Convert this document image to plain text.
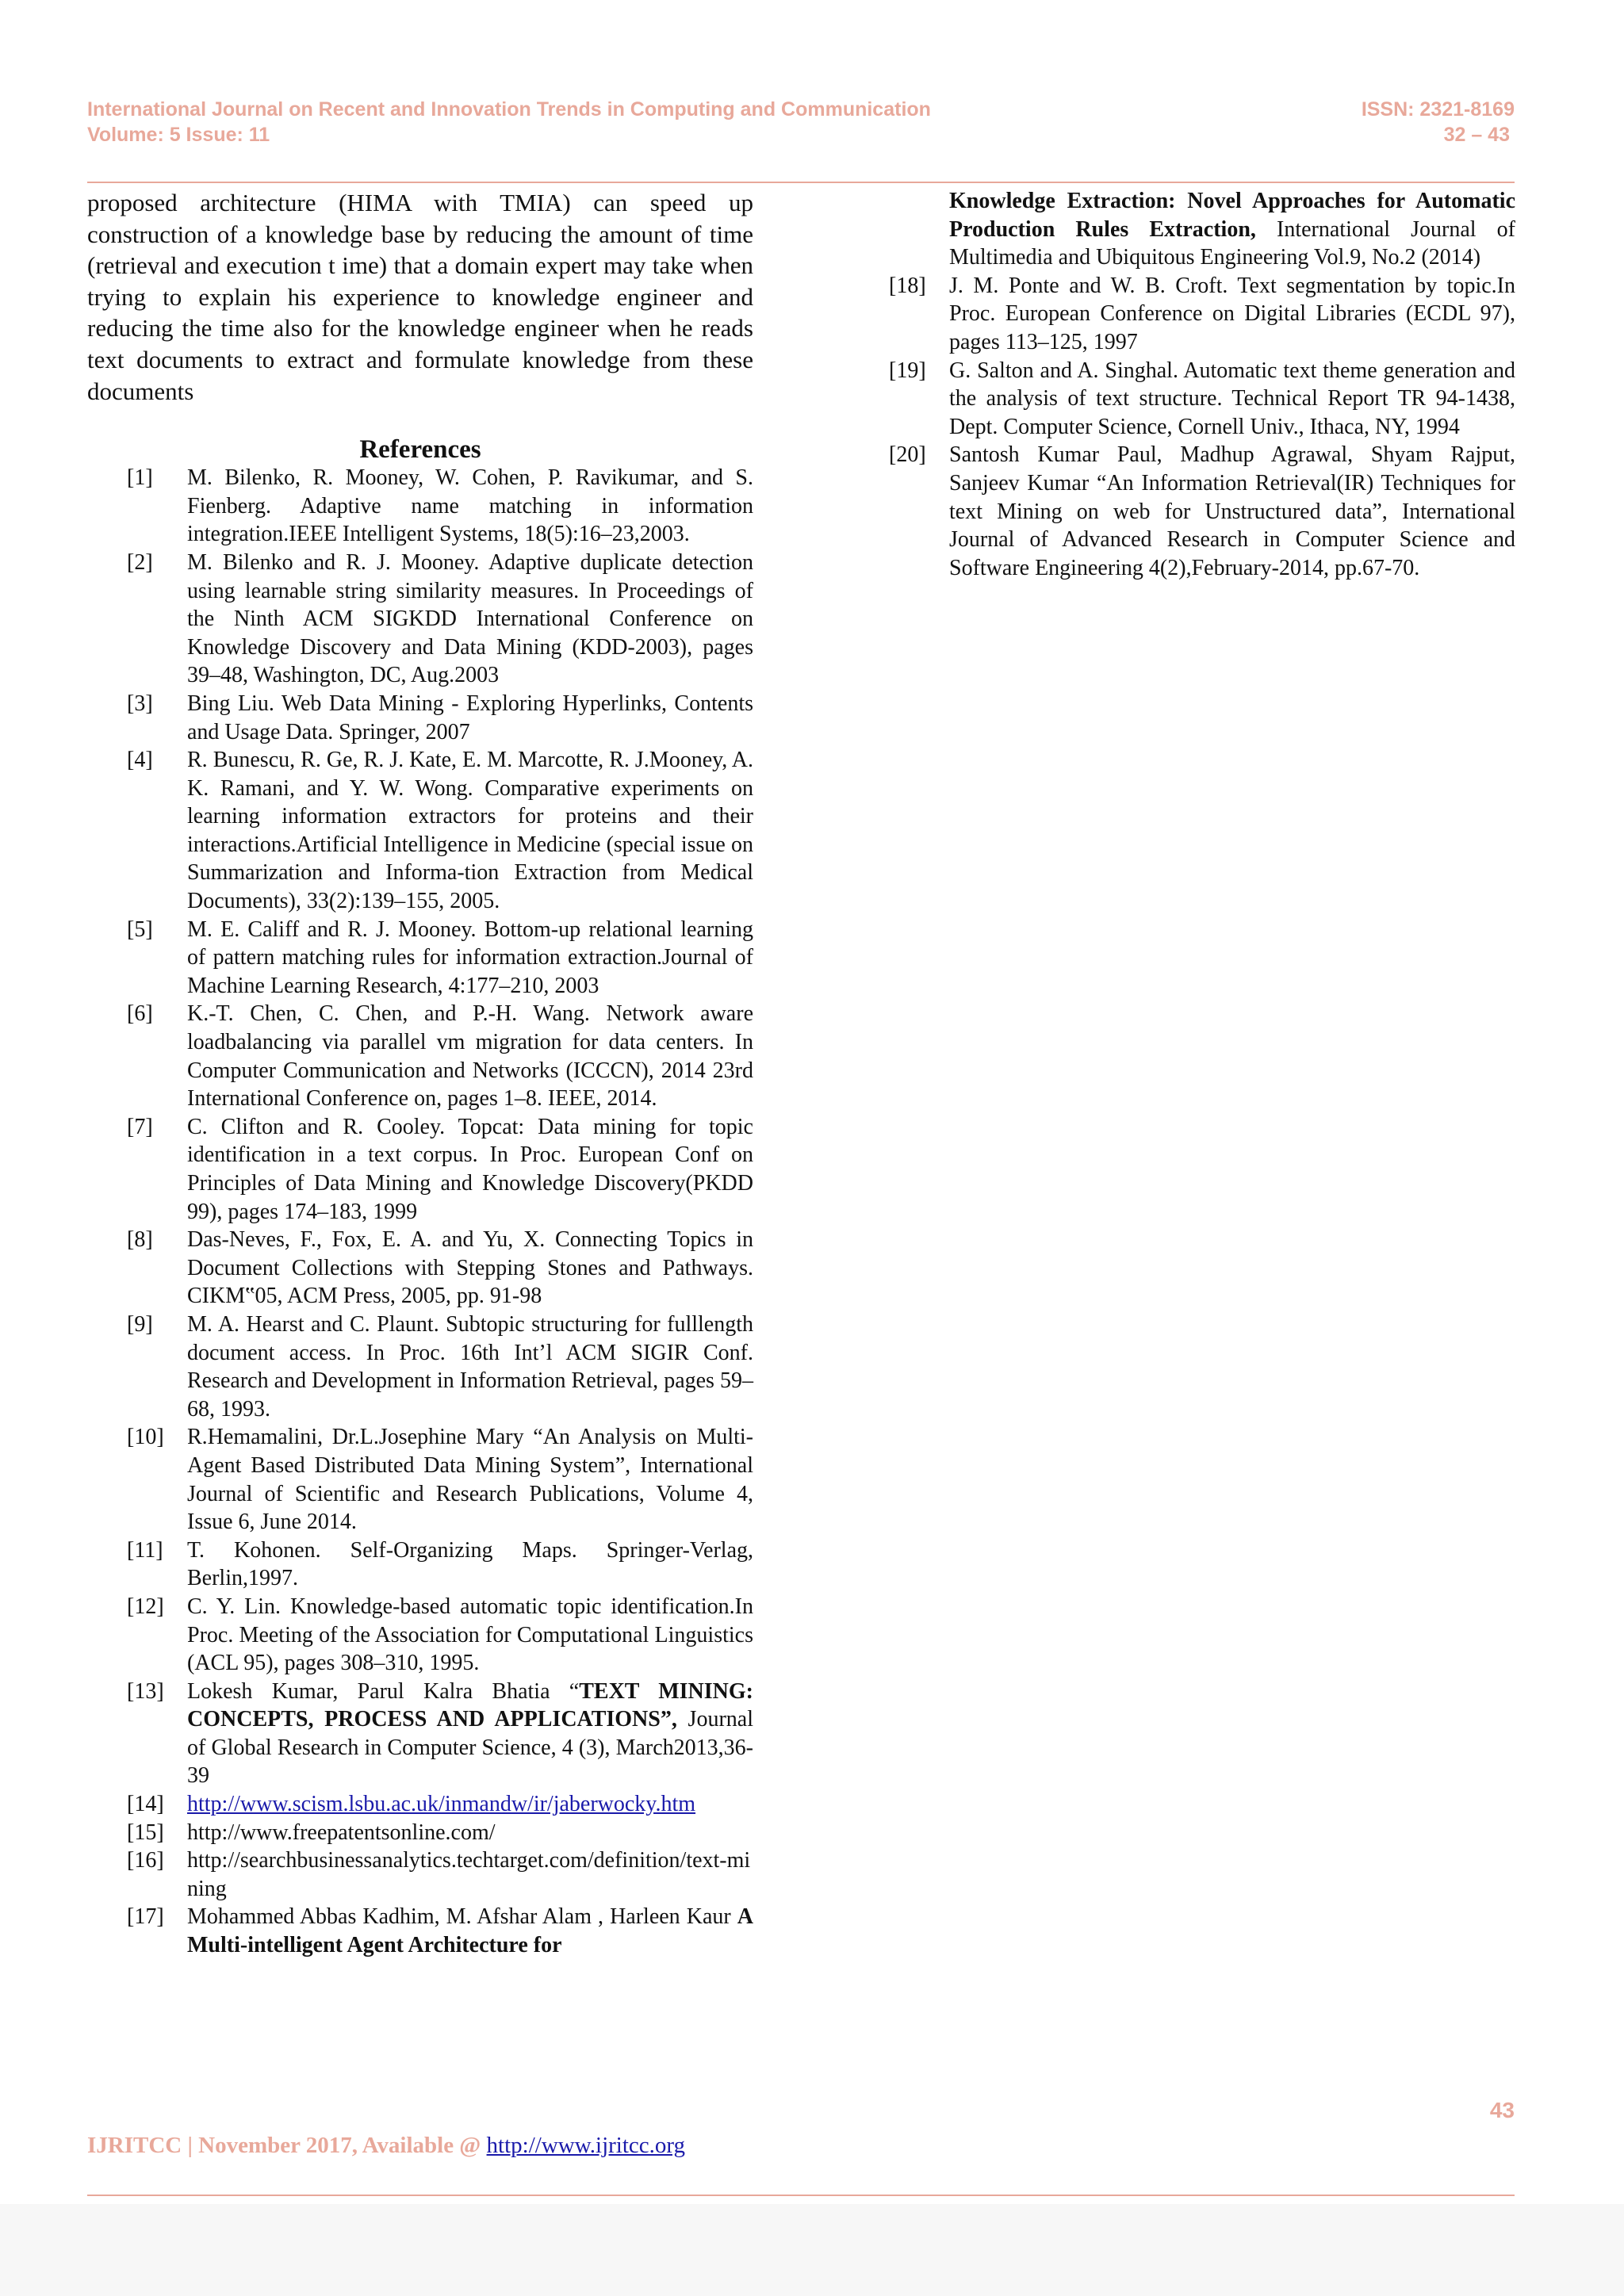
International Journal on Recent and Innovation Trends in Computing and Communication	ISSN: 2321-8169
Volume: 5 Issue: 11	32 – 43

proposed architecture (HIMA with TMIA) can speed up construction of a knowledge base by reducing the amount of time (retrieval and execution t ime) that a domain expert may take when trying to explain his experience to knowledge engineer and reducing the time also for the knowledge engineer when he reads text documents to extract and formulate knowledge from these documents

References

[1] M. Bilenko, R. Mooney, W. Cohen, P. Ravikumar, and S. Fienberg. Adaptive name matching in information integration.IEEE Intelligent Systems, 18(5):16–23,2003.
[2] M. Bilenko and R. J. Mooney. Adaptive duplicate detection using learnable string similarity measures. In Proceedings of the Ninth ACM SIGKDD International Conference on Knowledge Discovery and Data Mining (KDD-2003), pages 39–48, Washington, DC, Aug.2003
[3] Bing Liu. Web Data Mining - Exploring Hyperlinks, Contents and Usage Data. Springer, 2007
[4] R. Bunescu, R. Ge, R. J. Kate, E. M. Marcotte, R. J.Mooney, A. K. Ramani, and Y. W. Wong. Comparative experiments on learning information extractors for proteins and their interactions.Artificial Intelligence in Medicine (special issue on Summarization and Informa-tion Extraction from Medical Documents), 33(2):139–155, 2005.
[5] M. E. Califf and R. J. Mooney. Bottom-up relational learning of pattern matching rules for information extraction.Journal of Machine Learning Research, 4:177–210, 2003
[6] K.-T. Chen, C. Chen, and P.-H. Wang. Network aware loadbalancing via parallel vm migration for data centers. In Computer Communication and Networks (ICCCN), 2014 23rd International Conference on, pages 1–8. IEEE, 2014.
[7] C. Clifton and R. Cooley. Topcat: Data mining for topic identification in a text corpus. In Proc. European Conf on Principles of Data Mining and Knowledge Discovery(PKDD 99), pages 174–183, 1999
[8] Das-Neves, F., Fox, E. A. and Yu, X. Connecting Topics in Document Collections with Stepping Stones and Pathways. CIKM‟05, ACM Press, 2005, pp. 91-98
[9] M. A. Hearst and C. Plaunt. Subtopic structuring for fulllength document access. In Proc. 16th Int’l ACM SIGIR Conf. Research and Development in Information Retrieval, pages 59–68, 1993.
[10] R.Hemamalini, Dr.L.Josephine Mary “An Analysis on Multi-Agent Based Distributed Data Mining System”, International Journal of Scientific and Research Publications, Volume 4, Issue 6, June 2014.
[11] T. Kohonen. Self-Organizing Maps. Springer-Verlag, Berlin,1997.
[12] C. Y. Lin. Knowledge-based automatic topic identification.In Proc. Meeting of the Association for Computational Linguistics (ACL 95), pages 308–310, 1995.
[13] Lokesh Kumar, Parul Kalra Bhatia “TEXT MINING: CONCEPTS, PROCESS AND APPLICATIONS”, Journal of Global Research in Computer Science, 4 (3), March2013,36-39
[14] http://www.scism.lsbu.ac.uk/inmandw/ir/jaberwocky.htm
[15] http://www.freepatentsonline.com/
[16] http://searchbusinessanalytics.techtarget.com/definition/text-mining
[17] Mohammed Abbas Kadhim, M. Afshar Alam , Harleen Kaur A Multi-intelligent Agent Architecture for
Knowledge Extraction: Novel Approaches for Automatic Production Rules Extraction, International Journal of Multimedia and Ubiquitous Engineering Vol.9, No.2 (2014)
[18] J. M. Ponte and W. B. Croft. Text segmentation by topic.In Proc. European Conference on Digital Libraries (ECDL 97), pages 113–125, 1997
[19] G. Salton and A. Singhal. Automatic text theme generation and the analysis of text structure. Technical Report TR 94-1438, Dept. Computer Science, Cornell Univ., Ithaca, NY, 1994
[20] Santosh Kumar Paul, Madhup Agrawal, Shyam Rajput, Sanjeev Kumar “An Information Retrieval(IR) Techniques for text Mining on web for Unstructured data”, International Journal of Advanced Research in Computer Science and Software Engineering 4(2),February-2014, pp.67-70.
43
IJRITCC | November 2017, Available @ http://www.ijritcc.org
